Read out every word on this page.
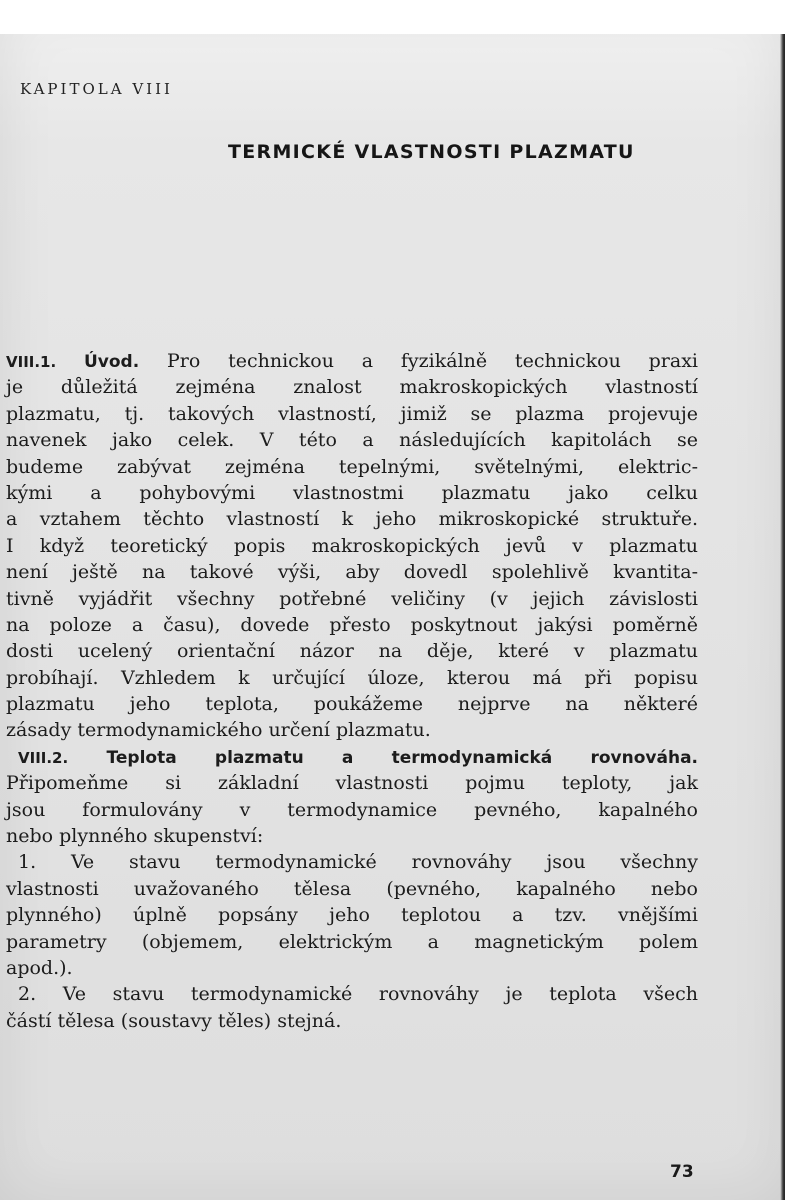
KAPITOLA VIII
TERMICKÉ VLASTNOSTI PLAZMATU
VIII.1. Úvod. Pro technickou a fyzikálně technickou praxi
je důležitá zejména znalost makroskopických vlastností
plazmatu, tj. takových vlastností, jimiž se plazma projevuje
navenek jako celek. V této a následujících kapitolách se
budeme zabývat zejména tepelnými, světelnými, elektric-
kými a pohybovými vlastnostmi plazmatu jako celku
a vztahem těchto vlastností k jeho mikroskopické struktuře.
I když teoretický popis makroskopických jevů v plazmatu
není ještě na takové výši, aby dovedl spolehlivě kvantita-
tivně vyjádřit všechny potřebné veličiny (v jejich závislosti
na poloze a času), dovede přesto poskytnout jakýsi poměrně
dosti ucelený orientační názor na děje, které v plazmatu
probíhají. Vzhledem k určující úloze, kterou má při popisu
plazmatu jeho teplota, poukážeme nejprve na některé
zásady termodynamického určení plazmatu.
VIII.2. Teplota plazmatu a termodynamická rovnováha.
Připomeňme si základní vlastnosti pojmu teploty, jak
jsou formulovány v termodynamice pevného, kapalného
nebo plynného skupenství:
1. Ve stavu termodynamické rovnováhy jsou všechny
vlastnosti uvažovaného tělesa (pevného, kapalného nebo
plynného) úplně popsány jeho teplotou a tzv. vnějšími
parametry (objemem, elektrickým a magnetickým polem
apod.).
2. Ve stavu termodynamické rovnováhy je teplota všech
částí tělesa (soustavy těles) stejná.
73
